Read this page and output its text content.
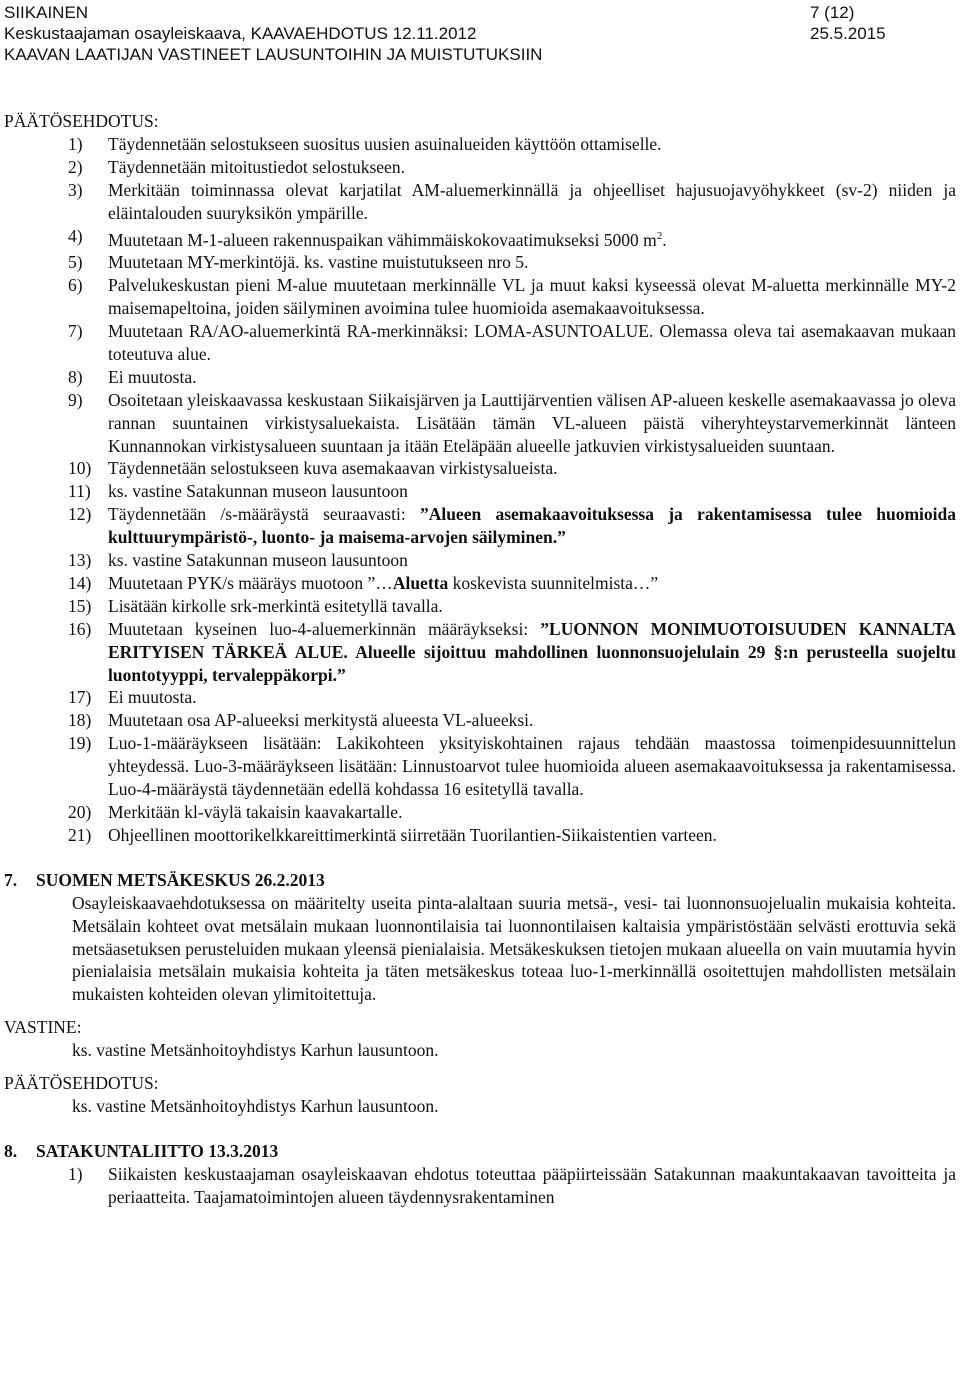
SIIKAINEN	7 (12)
Keskustaajaman osayleiskaava, KAAVAEHDOTUS 12.11.2012	25.5.2015
KAAVAN LAATIJAN VASTINEET LAUSUNTOIHIN JA MUISTUTUKSIIN
PÄÄTÖSEHDOTUS:
1) Täydennetään selostukseen suositus uusien asuinalueiden käyttöön ottamiselle.
2) Täydennetään mitoitustiedot selostukseen.
3) Merkitään toiminnassa olevat karjatilat AM-aluemerkinnällä ja ohjeelliset hajusuojavyöhykkeet (sv-2) niiden ja eläintalouden suuryksikön ympärille.
4) Muutetaan M-1-alueen rakennuspaikan vähimmäiskokovaatimukseksi 5000 $m^2$.
5) Muutetaan MY-merkintöjä. ks. vastine muistutukseen nro 5.
6) Palvelukeskustan pieni M-alue muutetaan merkinnälle VL ja muut kaksi kyseessä olevat M-aluetta merkinnälle MY-2 maisemapeltoina, joiden säilyminen avoimina tulee huomioida asemakaavoituksessa.
7) Muutetaan RA/AO-aluemerkintä RA-merkinnäksi: LOMA-ASUNTOALUE. Olemassa oleva tai asemakaavan mukaan toteutuva alue.
8) Ei muutosta.
9) Osoitetaan yleiskaavassa keskustaan Siikaisjärven ja Lauttijärventien välisen AP-alueen keskelle asemakaavassa jo oleva rannan suuntainen virkistysaluekaista. Lisätään tämän VL-alueen päistä viheryhteystarvemerkinnät länteen Kunnannokan virkistysalueen suuntaan ja itään Eteläpään alueelle jatkuvien virkistysalueiden suuntaan.
10) Täydennetään selostukseen kuva asemakaavan virkistysalueista.
11) ks. vastine Satakunnan museon lausuntoon
12) Täydennetään /s-määräystä seuraavasti: ”Alueen asemakaavoituksessa ja rakentamisessa tulee huomioida kulttuurympäristö-, luonto- ja maisema-arvojen säilyminen.”
13) ks. vastine Satakunnan museon lausuntoon
14) Muutetaan PYK/s määräys muotoon ”…Aluetta koskevista suunnitelmista…”
15) Lisätään kirkolle srk-merkintä esitetyllä tavalla.
16) Muutetaan kyseinen luo-4-aluemerkinnän määräykseksi: ”LUONNON MONIMUOTOISUUDEN KANNALTA ERITYISEN TÄRKEÄ ALUE. Alueelle sijoittuu mahdollinen luonnonsuojelulain 29 §:n perusteella suojeltu luontotyyppi, tervaleppäkorpi.”
17) Ei muutosta.
18) Muutetaan osa AP-alueeksi merkitystä alueesta VL-alueeksi.
19) Luo-1-määräykseen lisätään: Lakikohteen yksityiskohtainen rajaus tehdään maastossa toimenpidesuunnittelun yhteydessä. Luo-3-määräykseen lisätään: Linnustoarvot tulee huomioida alueen asemakaavoituksessa ja rakentamisessa. Luo-4-määräystä täydennetään edellä kohdassa 16 esitetyllä tavalla.
20) Merkitään kl-väylä takaisin kaavakartalle.
21) Ohjeellinen moottorikelkkareittimerkintä siirretään Tuorilantien-Siikaistentien varteen.
7. SUOMEN METSÄKESKUS 26.2.2013
Osayleiskaavaehdotuksessa on määritelty useita pinta-alaltaan suuria metsä-, vesi- tai luonnonsuojelualin mukaisia kohteita. Metsälain kohteet ovat metsälain mukaan luonnontilaisia tai luonnontilaisen kaltaisia ympäristöstään selvästi erottuvia sekä metsäasetuksen perusteluiden mukaan yleensä pienialaisia. Metsäkeskuksen tietojen mukaan alueella on vain muutamia hyvin pienialaisia metsälain mukaisia kohteita ja täten metsäkeskus toteaa luo-1-merkinnällä osoitettujen mahdollisten metsälain mukaisten kohteiden olevan ylimitoitettuja.
VASTINE:
ks. vastine Metsänhoitoyhdistys Karhun lausuntoon.
PÄÄTÖSEHDOTUS:
ks. vastine Metsänhoitoyhdistys Karhun lausuntoon.
8. SATAKUNTALIITTO 13.3.2013
1) Siikaisten keskustaajaman osayleiskaavan ehdotus toteuttaa pääpiirteissään Satakunnan maakuntakaavan tavoitteita ja periaatteita. Taajamatoimintojen alueen täydennysrakentaminen
